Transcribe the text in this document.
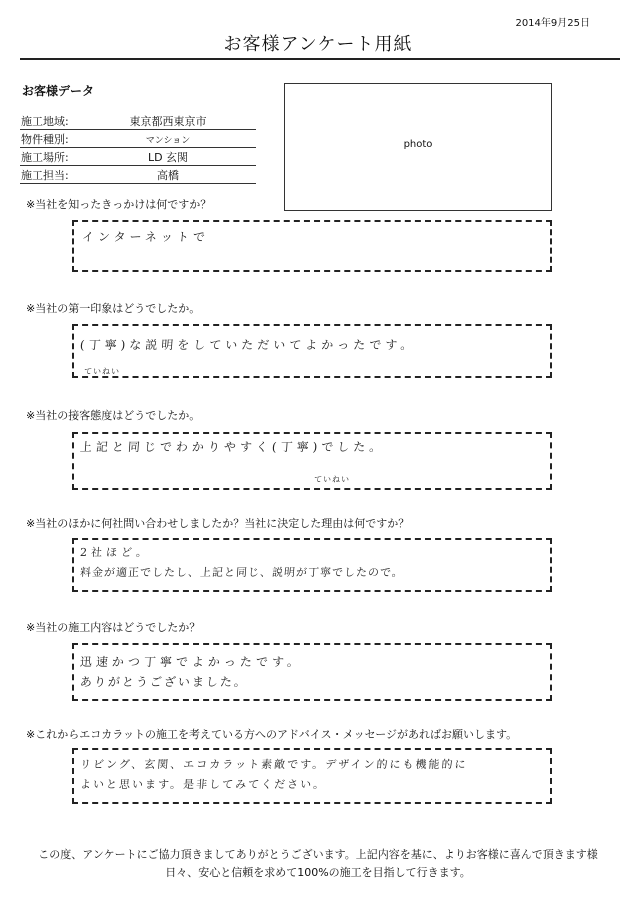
2014年9月25日
お客様アンケート用紙
お客様データ
施工地域:	東京都西東京市
物件種別:	マンション
施工場所:	LD 玄関
施工担当:	高橋
photo
※当社を知ったきっかけは何ですか？
インターネットで
※当社の第一印象はどうでしたか。
(丁寧)な説明をしていただいてよかったです。
ていねい
※当社の接客態度はどうでしたか。
上記と同じでわかりやすく(丁寧)でした。
ていねい
※当社のほかに何社問い合わせしましたか？当社に決定した理由は何ですか？
2社ほど。
料金が適正でしたし、上記と同じ、説明が丁寧でしたので。
※当社の施工内容はどうでしたか？
迅速かつ丁寧でよかったです。
ありがとうございました。
※これからエコカラットの施工を考えている方へのアドバイス・メッセージがあればお願いします。
リビング、玄関、エコカラット素敵です。デザイン的にも機能的に
よいと思います。是非してみてください。
この度、アンケートにご協力頂きましてありがとうございます。上記内容を基に、よりお客様に喜んで頂きます様
日々、安心と信頼を求めて100%の施工を目指して行きます。
